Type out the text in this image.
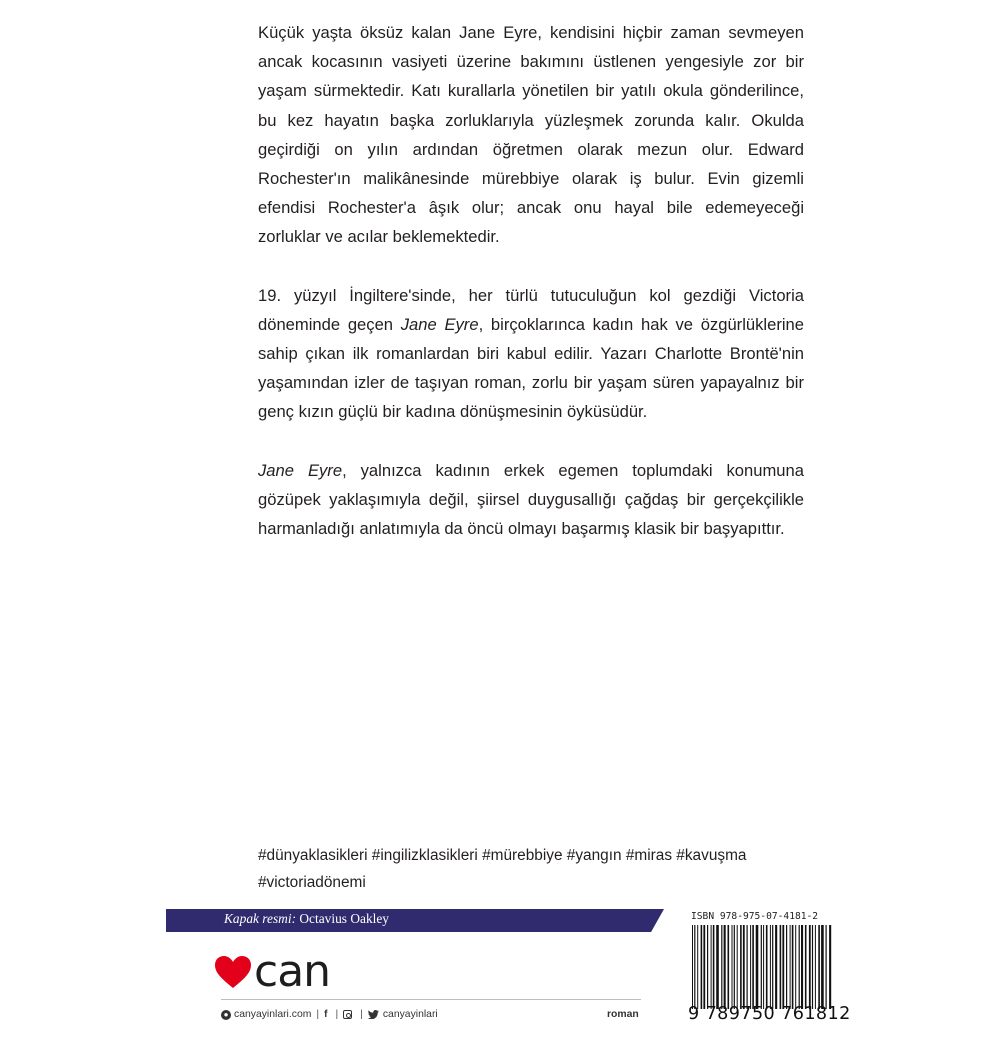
Küçük yaşta öksüz kalan Jane Eyre, kendisini hiçbir zaman sevmeyen ancak kocasının vasiyeti üzerine bakımını üstlenen yengesiyle zor bir yaşam sürmektedir. Katı kurallarla yönetilen bir yatılı okula gönderilince, bu kez hayatın başka zorluklarıyla yüzleşmek zorunda kalır. Okulda geçirdiği on yılın ardından öğretmen olarak mezun olur. Edward Rochester'ın malikânesinde mürebbiye olarak iş bulur. Evin gizemli efendisi Rochester'a âşık olur; ancak onu hayal bile edemeyeceği zorluklar ve acılar beklemektedir.

19. yüzyıl İngiltere'sinde, her türlü tutuculuğun kol gezdiği Victoria döneminde geçen Jane Eyre, birçoklarınca kadın hak ve özgürlüklerine sahip çıkan ilk romanlardan biri kabul edilir. Yazarı Charlotte Brontë'nin yaşamından izler de taşıyan roman, zorlu bir yaşam süren yapayalnız bir genç kızın güçlü bir kadına dönüşmesinin öyküsüdür.

Jane Eyre, yalnızca kadının erkek egemen toplumdaki konumuna gözüpek yaklaşımıyla değil, şiirsel duygusallığı çağdaş bir gerçekçilikle harmanladığı anlatımıyla da öncü olmayı başarmış klasik bir başyapıttır.

#dünyaklasikleri #ingilizklasikleri #mürebbiye #yangın #miras #kavuşma
#victoriadönemi
Kapak resmi: Octavius Oakley
can
● canyayinlari.com | f | | canyayinlari	roman
ISBN 978-975-07-4181-2
9 789750 761812
